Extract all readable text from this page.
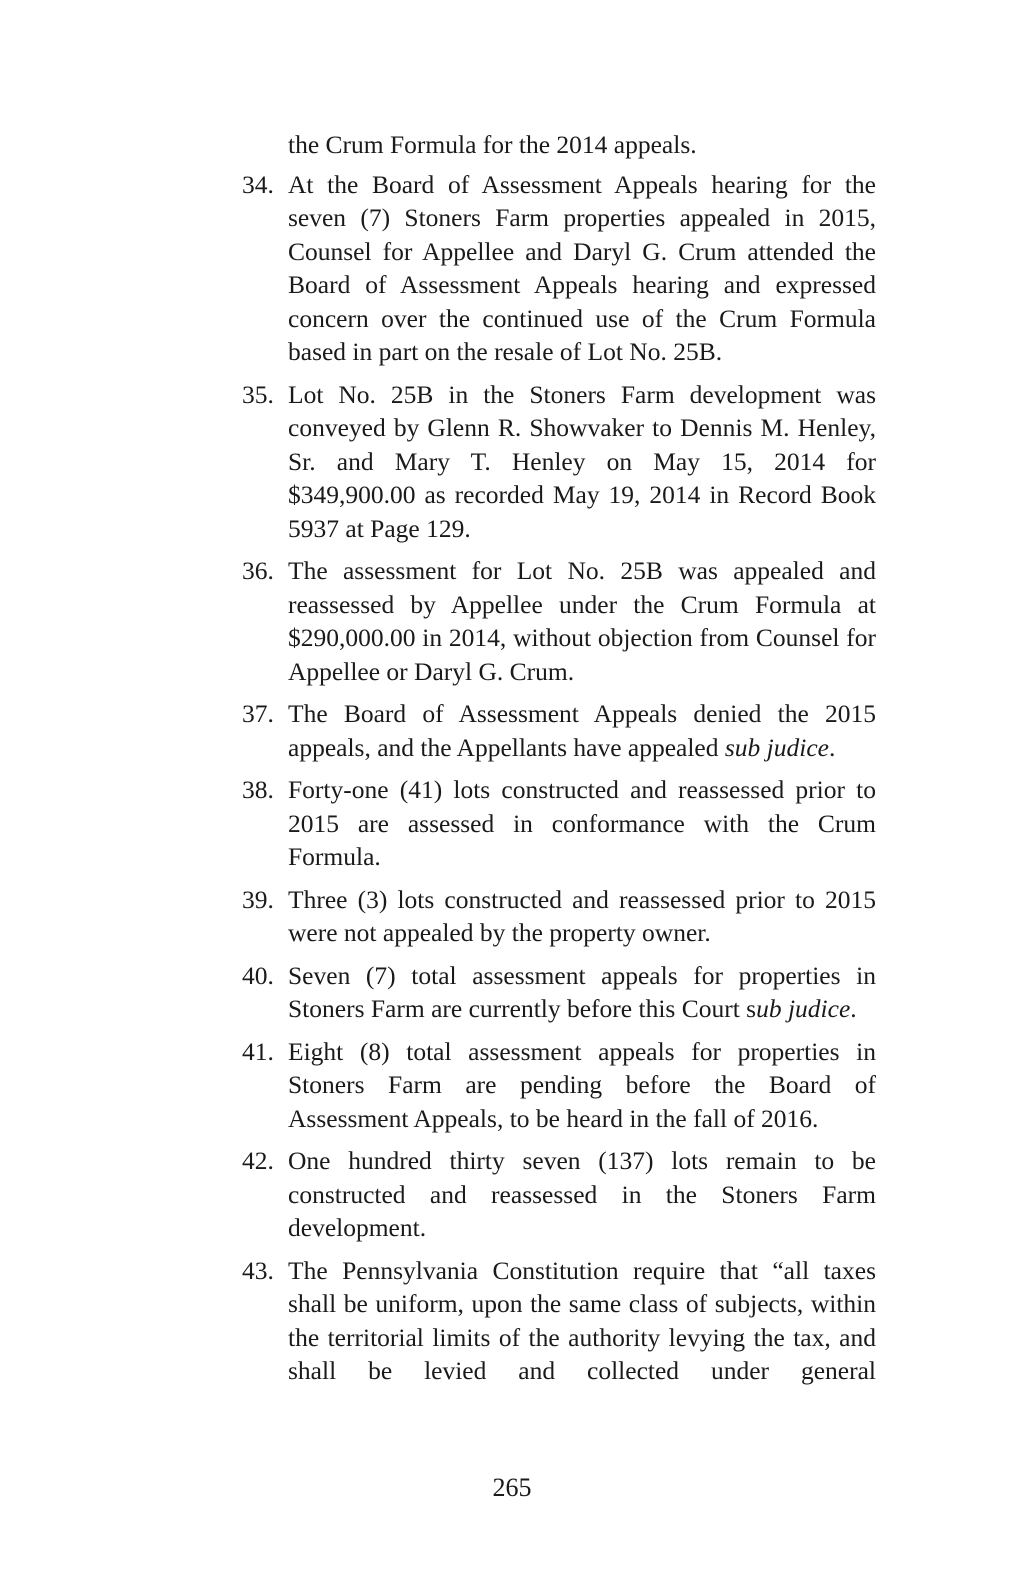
the Crum Formula for the 2014 appeals.
34. At the Board of Assessment Appeals hearing for the seven (7) Stoners Farm properties appealed in 2015, Counsel for Appellee and Daryl G. Crum attended the Board of Assessment Appeals hearing and expressed concern over the continued use of the Crum Formula based in part on the resale of Lot No. 25B.
35. Lot No. 25B in the Stoners Farm development was conveyed by Glenn R. Showvaker to Dennis M. Henley, Sr. and Mary T. Henley on May 15, 2014 for $349,900.00 as recorded May 19, 2014 in Record Book 5937 at Page 129.
36. The assessment for Lot No. 25B was appealed and reassessed by Appellee under the Crum Formula at $290,000.00 in 2014, without objection from Counsel for Appellee or Daryl G. Crum.
37. The Board of Assessment Appeals denied the 2015 appeals, and the Appellants have appealed sub judice.
38. Forty-one (41) lots constructed and reassessed prior to 2015 are assessed in conformance with the Crum Formula.
39. Three (3) lots constructed and reassessed prior to 2015 were not appealed by the property owner.
40. Seven (7) total assessment appeals for properties in Stoners Farm are currently before this Court sub judice.
41. Eight (8) total assessment appeals for properties in Stoners Farm are pending before the Board of Assessment Appeals, to be heard in the fall of 2016.
42. One hundred thirty seven (137) lots remain to be constructed and reassessed in the Stoners Farm development.
43. The Pennsylvania Constitution require that “all taxes shall be uniform, upon the same class of subjects, within the territorial limits of the authority levying the tax, and shall be levied and collected under general
265
